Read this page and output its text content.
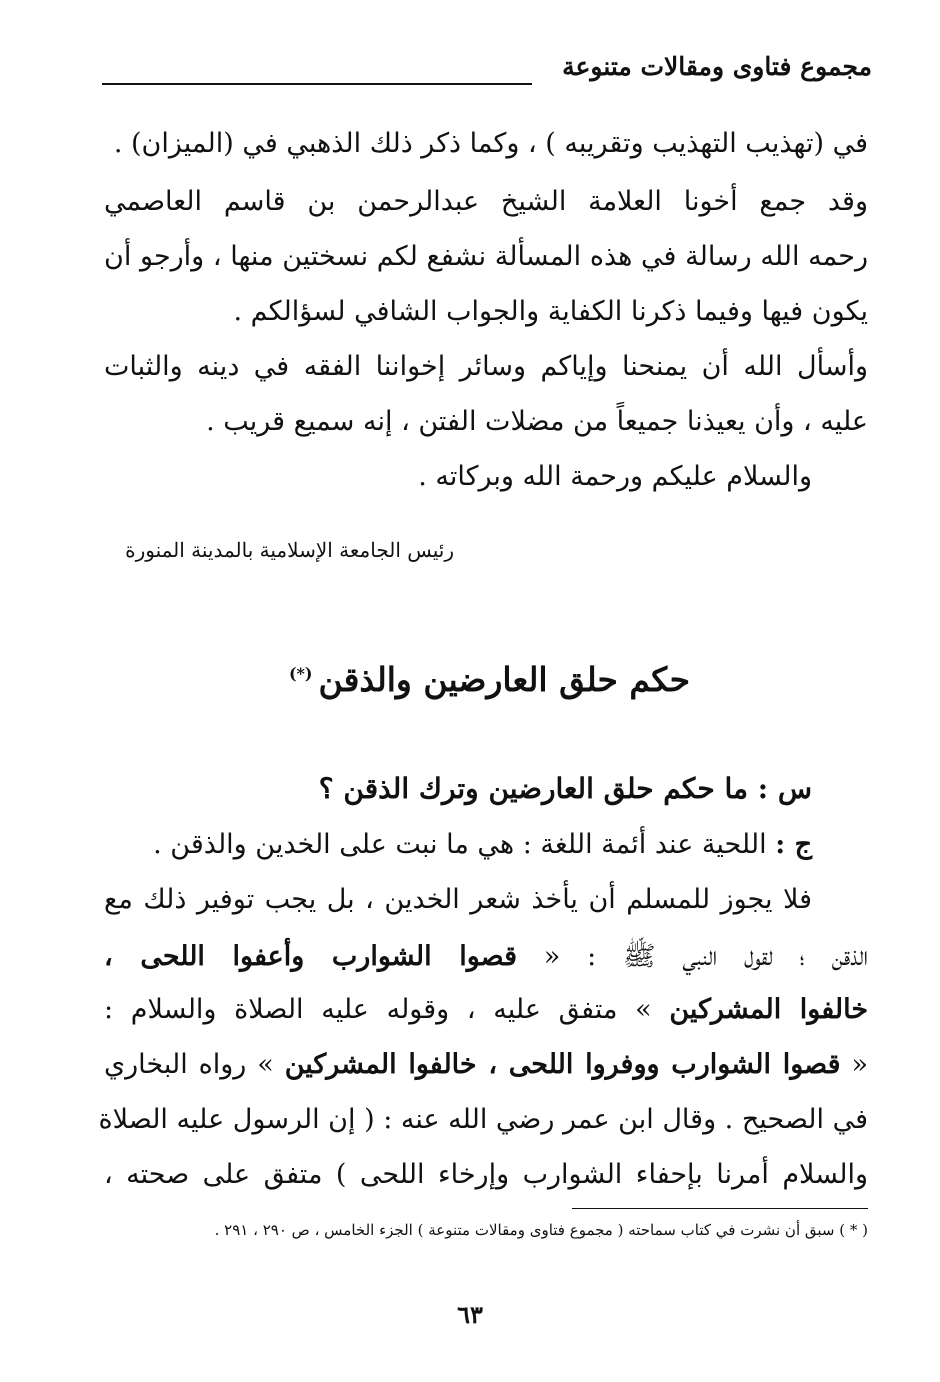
مجموع فتاوى ومقالات متنوعة
في (تهذيب التهذيب وتقريبه ) ، وكما ذكر ذلك الذهبي في (الميزان) .
وقد جمع أخونا العلامة الشيخ عبدالرحمن بن قاسم العاصمي
رحمه الله رسالة في هذه المسألة نشفع لكم نسختين منها ، وأرجو أن
يكون فيها وفيما ذكرنا الكفاية والجواب الشافي لسؤالكم .
وأسأل الله أن يمنحنا وإياكم وسائر إخواننا الفقه في دينه والثبات
عليه ، وأن يعيذنا جميعاً من مضلات الفتن ، إنه سميع قريب .
والسلام عليكم ورحمة الله وبركاته .
رئيس الجامعة الإسلامية بالمدينة المنورة
حكم حلق العارضين والذقن(*)
س : ما حكم حلق العارضين وترك الذقن ؟
ج : اللحية عند أئمة اللغة : هي ما نبت على الخدين والذقن .
فلا يجوز للمسلم أن يأخذ شعر الخدين ، بل يجب توفير ذلك مع
الذقن ؛ لقول النبي ﷺ : « قصوا الشوارب وأعفوا اللحى ،
خالفوا المشركين » متفق عليه ، وقوله عليه الصلاة والسلام :
« قصوا الشوارب ووفروا اللحى ، خالفوا المشركين » رواه البخاري
في الصحيح . وقال ابن عمر رضي الله عنه : ( إن الرسول عليه الصلاة
والسلام أمرنا بإحفاء الشوارب وإرخاء اللحى ) متفق على صحته ،
( * ) سبق أن نشرت في كتاب سماحته ( مجموع فتاوى ومقالات متنوعة ) الجزء الخامس ، ص ٢٩٠ ، ٢٩١ .
٦٣
